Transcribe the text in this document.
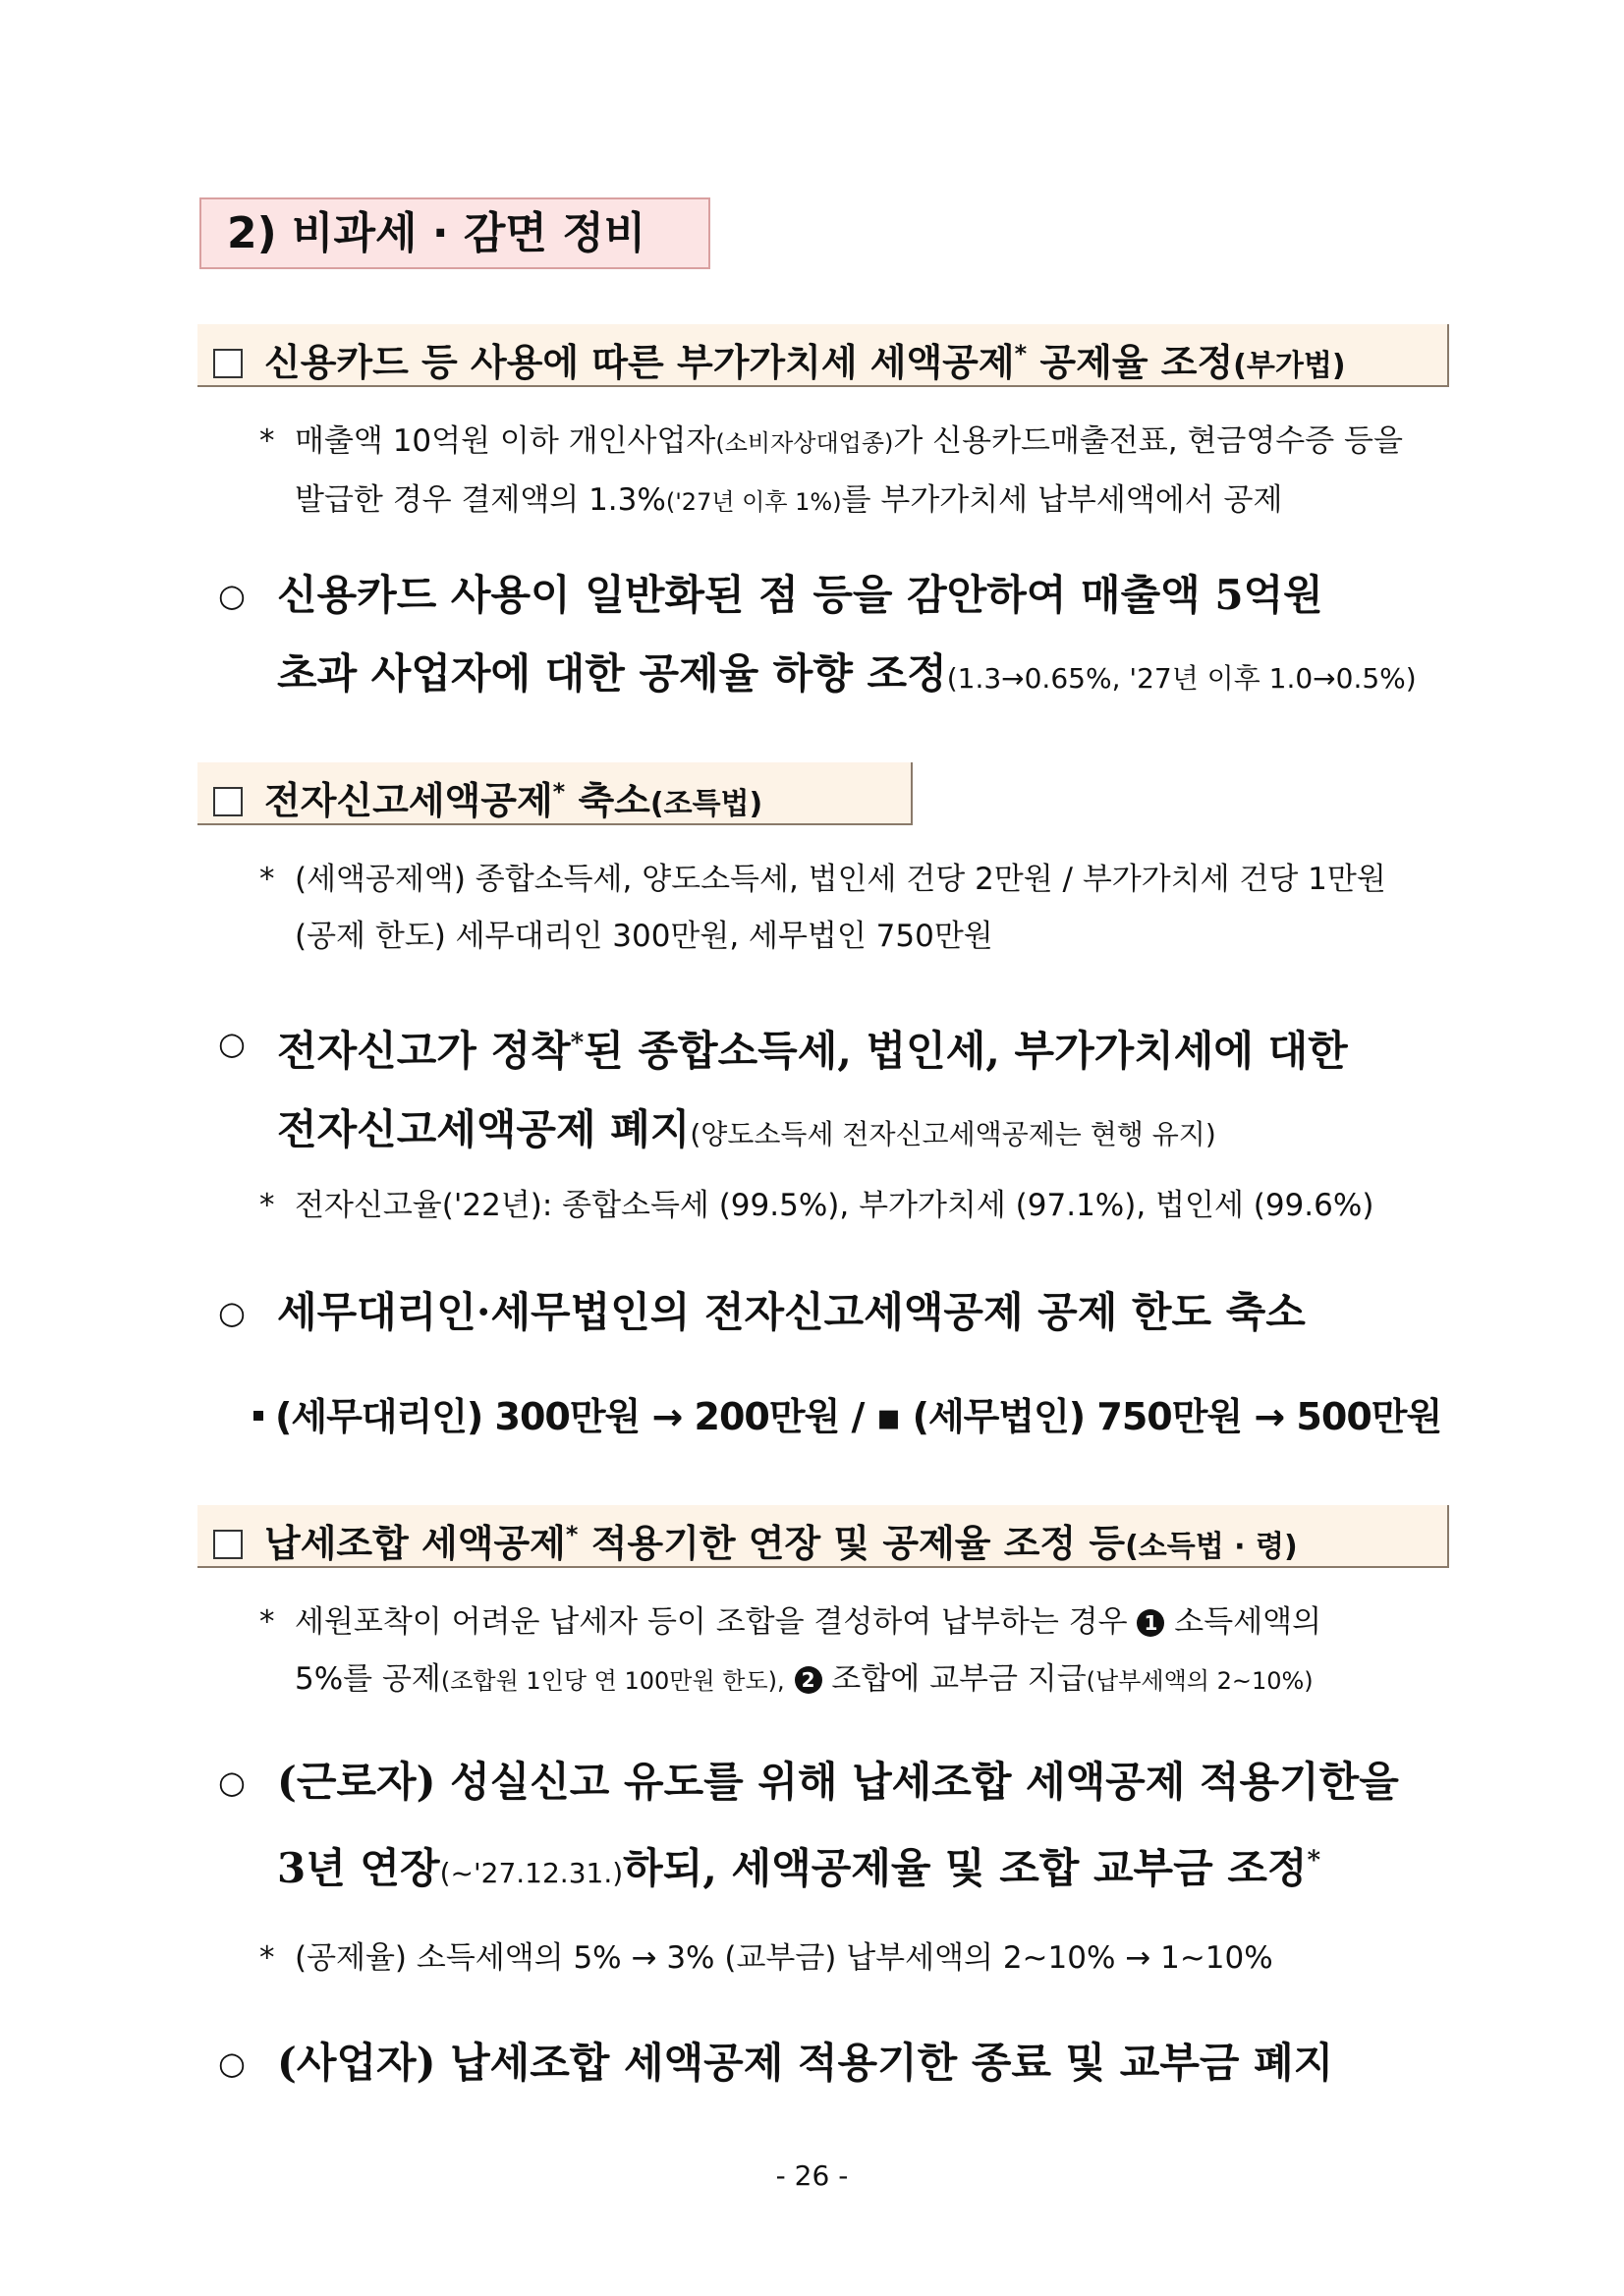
2) 비과세 · 감면 정비
신용카드 등 사용에 따른 부가가치세 세액공제* 공제율 조정(부가법)
* 매출액 10억원 이하 개인사업자(소비자상대업종)가 신용카드매출전표, 현금영수증 등을
발급한 경우 결제액의 1.3%('27년 이후 1%)를 부가가치세 납부세액에서 공제
○ 신용카드 사용이 일반화된 점 등을 감안하여 매출액 5억원
초과 사업자에 대한 공제율 하향 조정(1.3→0.65%, '27년 이후 1.0→0.5%)
전자신고세액공제* 축소(조특법)
* (세액공제액) 종합소득세, 양도소득세, 법인세 건당 2만원 / 부가가치세 건당 1만원
(공제 한도) 세무대리인 300만원, 세무법인 750만원
○ 전자신고가 정착*된 종합소득세, 법인세, 부가가치세에 대한
전자신고세액공제 폐지(양도소득세 전자신고세액공제는 현행 유지)
* 전자신고율('22년): 종합소득세 (99.5%), 부가가치세 (97.1%), 법인세 (99.6%)
○ 세무대리인·세무법인의 전자신고세액공제 공제 한도 축소
(세무대리인) 300만원 → 200만원 / ▪ (세무법인) 750만원 → 500만원
납세조합 세액공제* 적용기한 연장 및 공제율 조정 등(소득법 · 령)
* 세원포착이 어려운 납세자 등이 조합을 결성하여 납부하는 경우 1 소득세액의
5%를 공제(조합원 1인당 연 100만원 한도), 2 조합에 교부금 지급(납부세액의 2~10%)
○ (근로자) 성실신고 유도를 위해 납세조합 세액공제 적용기한을
3년 연장(~'27.12.31.)하되, 세액공제율 및 조합 교부금 조정*
* (공제율) 소득세액의 5% → 3% (교부금) 납부세액의 2~10% → 1~10%
○ (사업자) 납세조합 세액공제 적용기한 종료 및 교부금 폐지
- 26 -
